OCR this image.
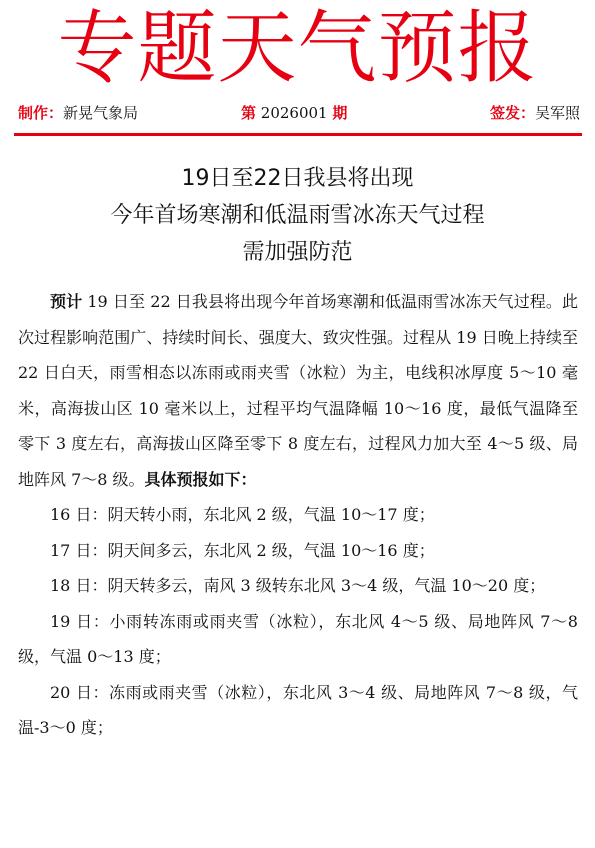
专题天气预报
制作：新晃气象局	第 2026001 期	签发：吴军照
19日至22日我县将出现
今年首场寒潮和低温雨雪冰冻天气过程
需加强防范

预计 19 日至 22 日我县将出现今年首场寒潮和低温雨雪冰冻天气过程。此次过程影响范围广、持续时间长、强度大、致灾性强。过程从 19 日晚上持续至 22 日白天，雨雪相态以冻雨或雨夹雪（冰粒）为主，电线积冰厚度 5～10 毫米，高海拔山区 10 毫米以上，过程平均气温降幅 10～16 度，最低气温降至零下 3 度左右，高海拔山区降至零下 8 度左右，过程风力加大至 4～5 级、局地阵风 7～8 级。具体预报如下：

16 日：阴天转小雨，东北风 2 级，气温 10～17 度；

17 日：阴天间多云，东北风 2 级，气温 10～16 度；

18 日：阴天转多云，南风 3 级转东北风 3～4 级，气温 10～20 度；

19 日：小雨转冻雨或雨夹雪（冰粒），东北风 4～5 级、局地阵风 7～8 级，气温 0～13 度；

20 日：冻雨或雨夹雪（冰粒），东北风 3～4 级、局地阵风 7～8 级，气温-3～0 度；
